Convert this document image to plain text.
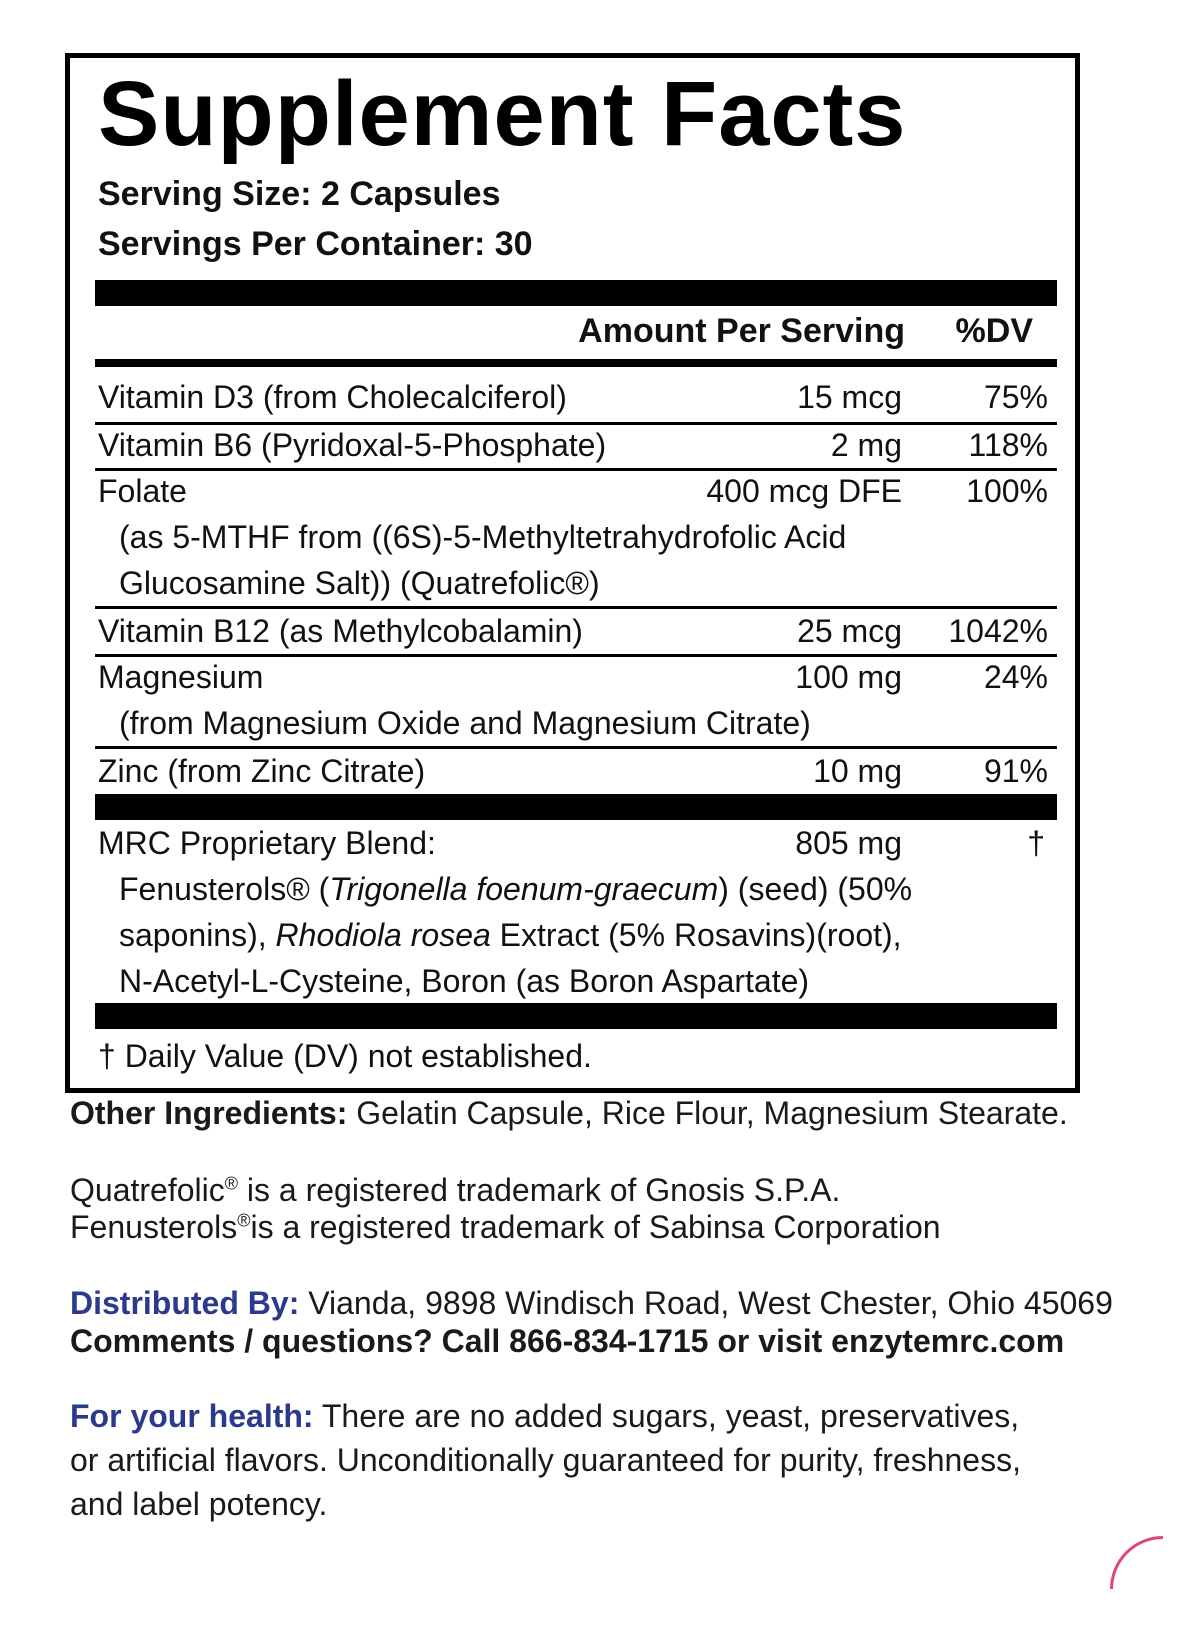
Supplement Facts
Serving Size: 2 Capsules
Servings Per Container: 30
Amount Per Serving %DV
Vitamin D3 (from Cholecalciferol)	15 mcg	75%
Vitamin B6 (Pyridoxal-5-Phosphate)	2 mg 118%
Folate	400 mcg DFE 100%
(as 5-MTHF from ((6S)-5-Methyltetrahydrofolic Acid
Glucosamine Salt)) (Quatrefolic®)
Vitamin B12 (as Methylcobalamin)	25 mcg 1042%
Magnesium	100 mg	24%
(from Magnesium Oxide and Magnesium Citrate)
Zinc (from Zinc Citrate)	10 mg	91%
MRC Proprietary Blend:	805 mg	†
Fenusterols® (Trigonella foenum-graecum) (seed) (50%
saponins), Rhodiola rosea Extract (5% Rosavins)(root),
N-Acetyl-L-Cysteine, Boron (as Boron Aspartate)
† Daily Value (DV) not established.
Other Ingredients: Gelatin Capsule, Rice Flour, Magnesium Stearate.
Quatrefolic® is a registered trademark of Gnosis S.P.A.
Fenusterols®is a registered trademark of Sabinsa Corporation
Distributed By: Vianda, 9898 Windisch Road, West Chester, Ohio 45069
Comments / questions? Call 866-834-1715 or visit enzytemrc.com
For your health: There are no added sugars, yeast, preservatives,
or artificial flavors. Unconditionally guaranteed for purity, freshness,
and label potency.
